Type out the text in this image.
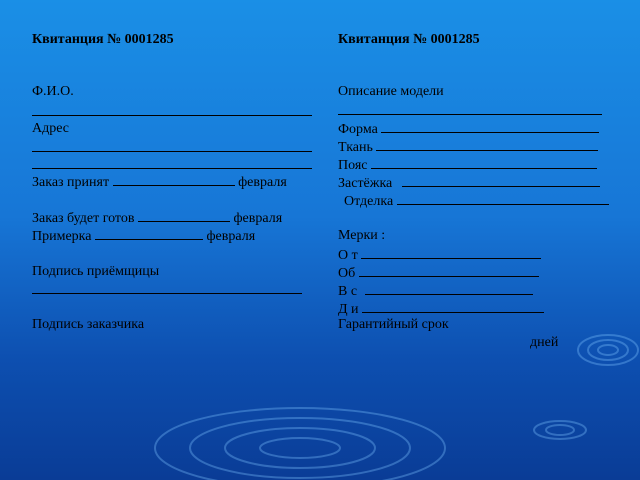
Квитанция № 0001285
Ф.И.О.
Адрес
Заказ принят	февраля
Заказ будет готов	февраля
Примерка	февраля
Подпись приёмщицы
Подпись заказчика
Квитанция № 0001285
Описание модели
Форма
Ткань
Пояс
Застёжка
Отделка
Мерки :
О т
Об
В с
Д и
Гарантийный срок
дней
